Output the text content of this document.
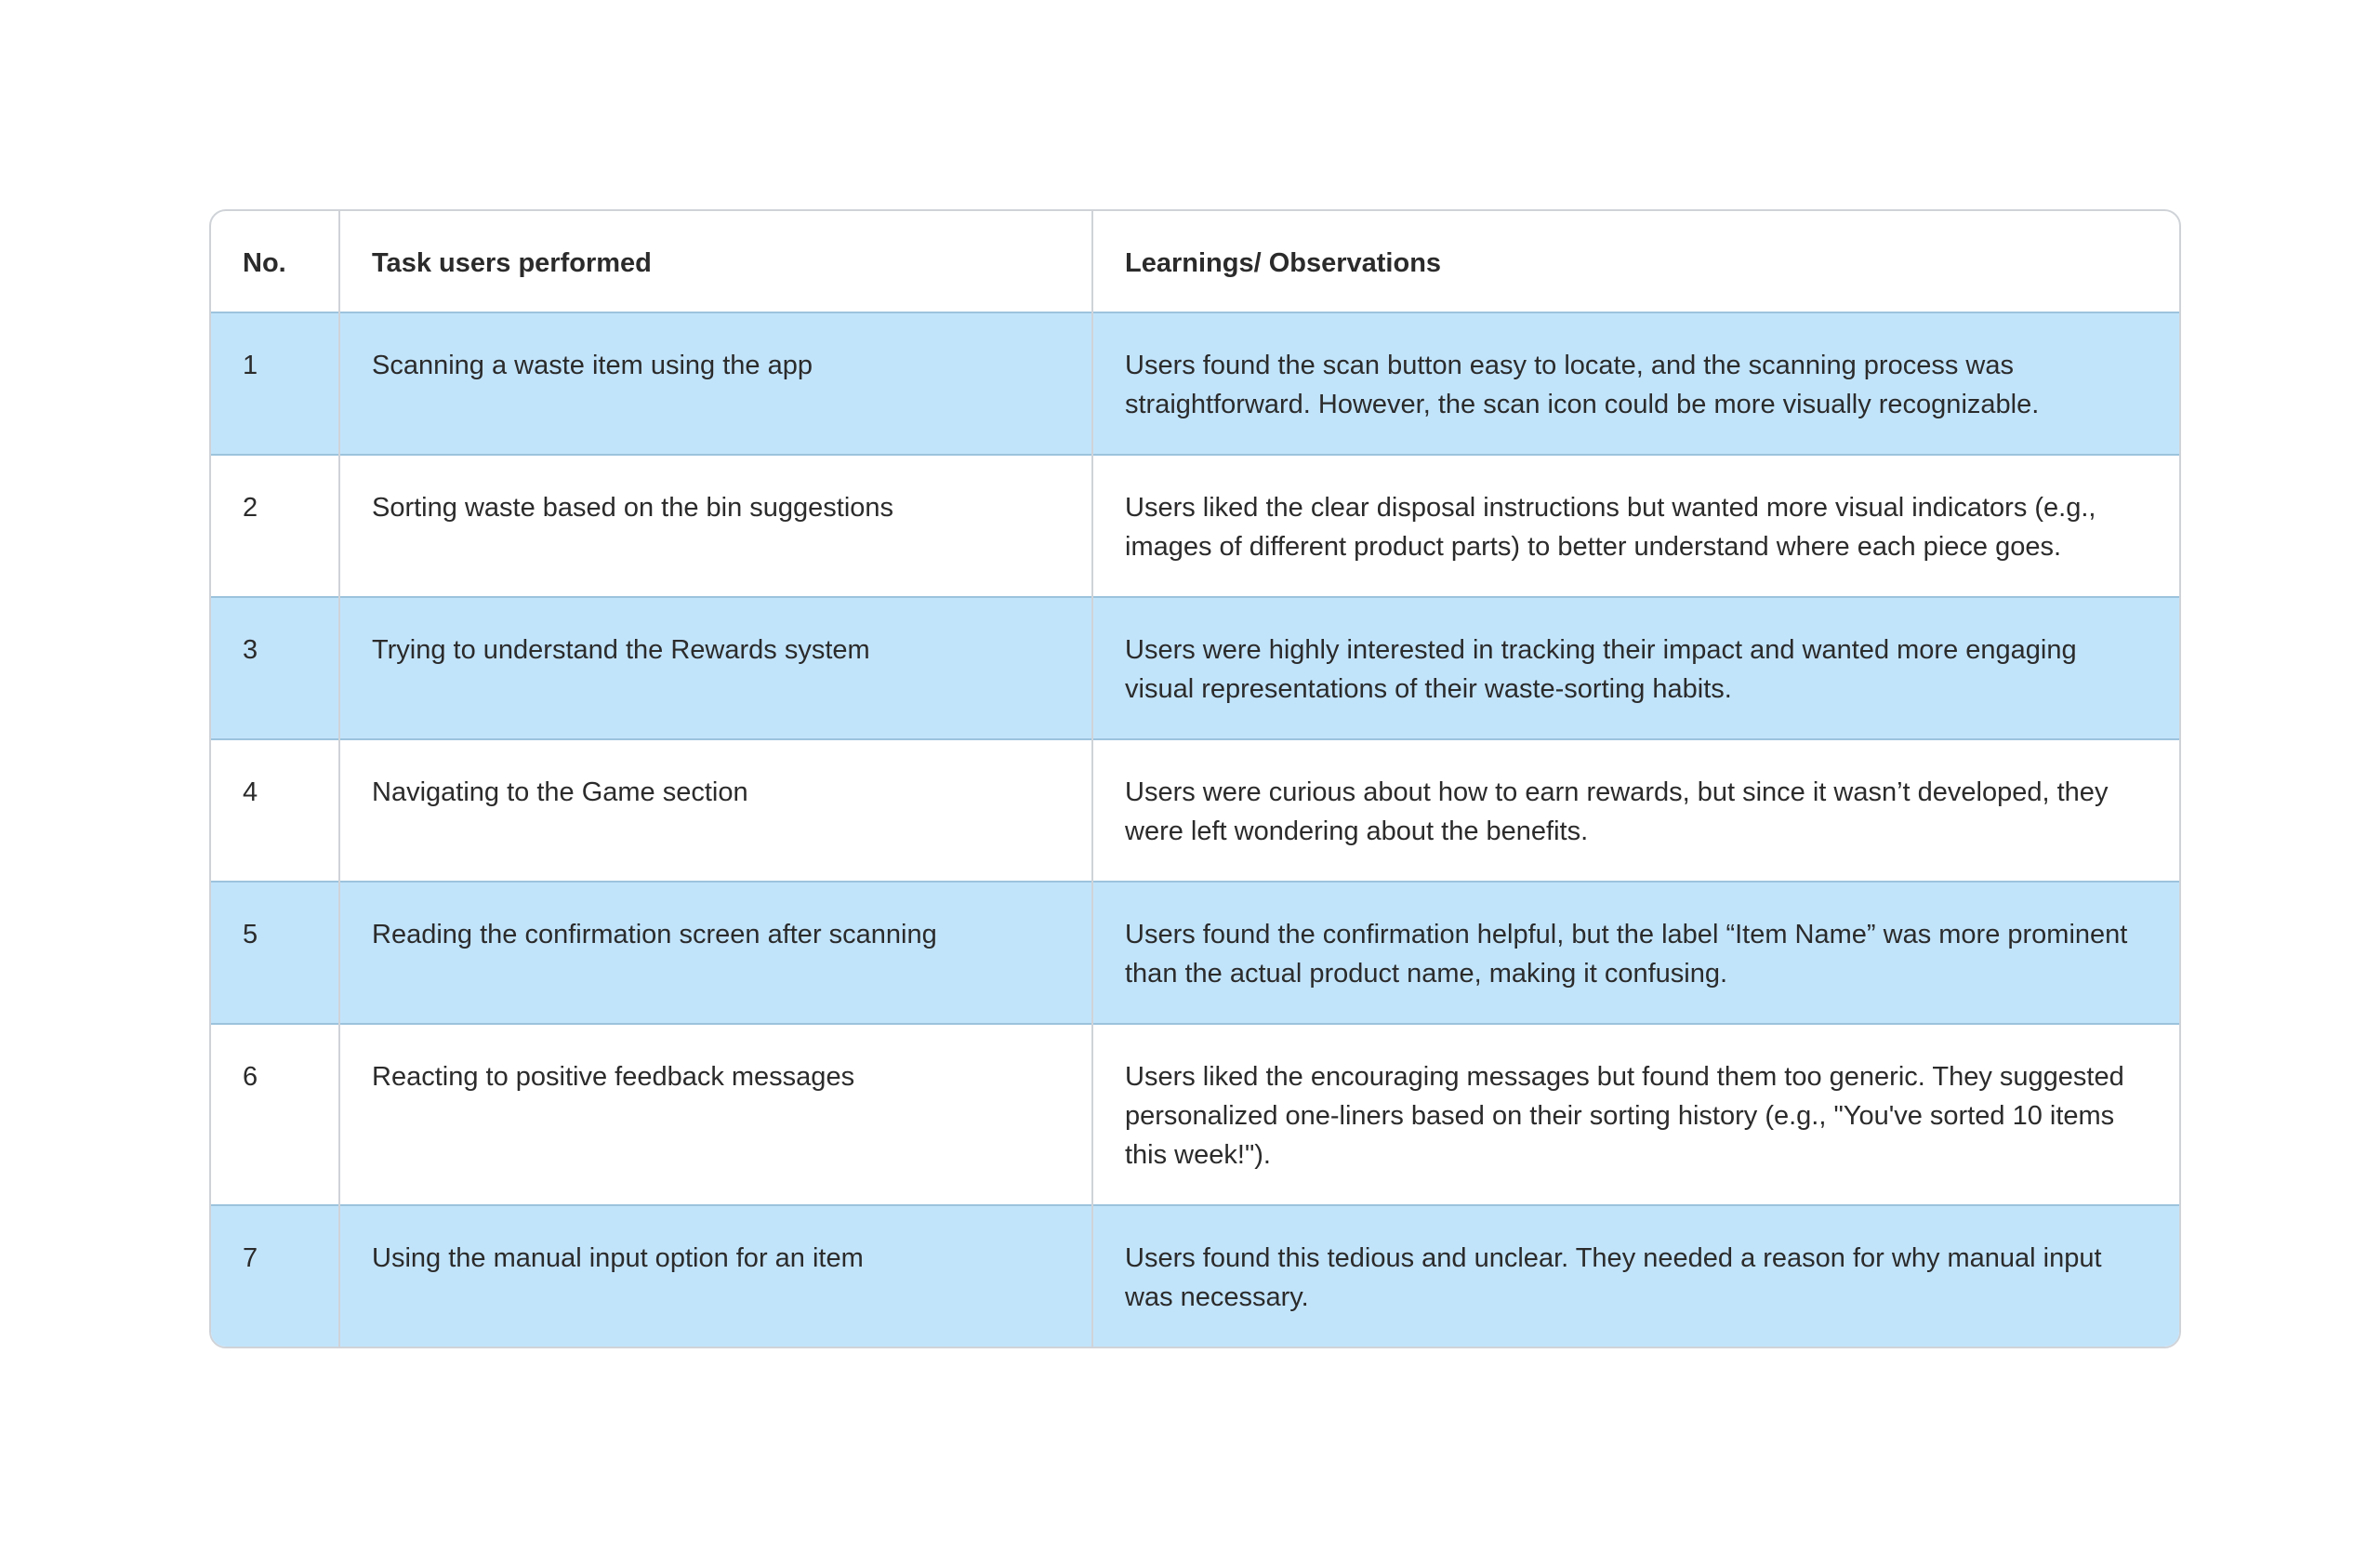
No.	Task users performed	Learnings/ Observations
1	Scanning a waste item using the app	Users found the scan button easy to locate, and the scanning process was straightforward. However, the scan icon could be more visually recognizable.
2	Sorting waste based on the bin suggestions	Users liked the clear disposal instructions but wanted more visual indicators (e.g., images of different product parts) to better understand where each piece goes.
3	Trying to understand the Rewards system	Users were highly interested in tracking their impact and wanted more engaging visual representations of their waste-sorting habits.
4	Navigating to the Game section	Users were curious about how to earn rewards, but since it wasn’t developed, they were left wondering about the benefits.
5	Reading the confirmation screen after scanning	Users found the confirmation helpful, but the label “Item Name” was more prominent than the actual product name, making it confusing.
6	Reacting to positive feedback messages	Users liked the encouraging messages but found them too generic. They suggested personalized one-liners based on their sorting history (e.g., "You've sorted 10 items this week!").
7	Using the manual input option for an item	Users found this tedious and unclear. They needed a reason for why manual input was necessary.
